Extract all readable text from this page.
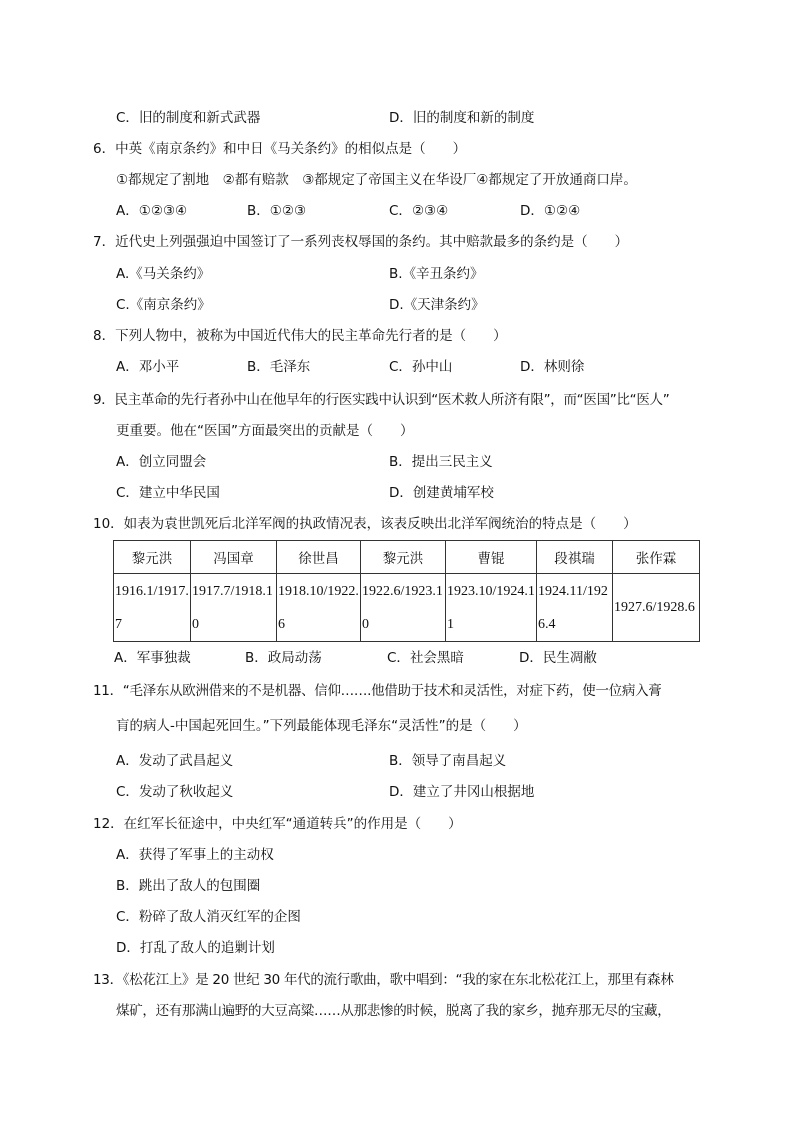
C．旧的制度和新式武器	D．旧的制度和新的制度
6．中英《南京条约》和中日《马关条约》的相似点是（　　）
①都规定了割地　②都有赔款　③都规定了帝国主义在华设厂④都规定了开放通商口岸。
A．①②③④	B．①②③	C．②③④	D．①②④
7．近代史上列强强迫中国签订了一系列丧权辱国的条约。其中赔款最多的条约是（　　）
A.《马关条约》	B.《辛丑条约》
C.《南京条约》	D.《天津条约》
8．下列人物中，被称为中国近代伟大的民主革命先行者的是（　　）
A．邓小平	B．毛泽东	C．孙中山	D．林则徐
9．民主革命的先行者孙中山在他早年的行医实践中认识到“医术救人所济有限”，而“医国”比“医人”
更重要。他在“医国”方面最突出的贡献是（　　）
A．创立同盟会	B．提出三民主义
C．建立中华民国	D．创建黄埔军校
10．如表为袁世凯死后北洋军阀的执政情况表，该表反映出北洋军阀统治的特点是（　　）
黎元洪	冯国章	徐世昌	黎元洪	曹锟	段祺瑞	张作霖
1916.1/1917.7	1917.7/1918.10	1918.10/1922.6	1922.6/1923.10	1923.10/1924.11	1924.11/1926.4	1927.6/1928.6
A．军事独裁	B．政局动荡	C．社会黑暗	D．民生凋敝
11．“毛泽东从欧洲借来的不是机器、信仰…….他借助于技术和灵活性，对症下药，使一位病入膏
肓的病人-中国起死回生。”下列最能体现毛泽东“灵活性”的是（　　）
A．发动了武昌起义	B．领导了南昌起义
C．发动了秋收起义	D．建立了井冈山根据地
12．在红军长征途中，中央红军“通道转兵”的作用是（　　）
A．获得了军事上的主动权
B．跳出了敌人的包围圈
C．粉碎了敌人消灭红军的企图
D．打乱了敌人的追剿计划
13．《松花江上》是 20 世纪 30 年代的流行歌曲，歌中唱到：“我的家在东北松花江上，那里有森林
煤矿，还有那满山遍野的大豆高粱……从那悲惨的时候，脱离了我的家乡，抛弃那无尽的宝藏，
